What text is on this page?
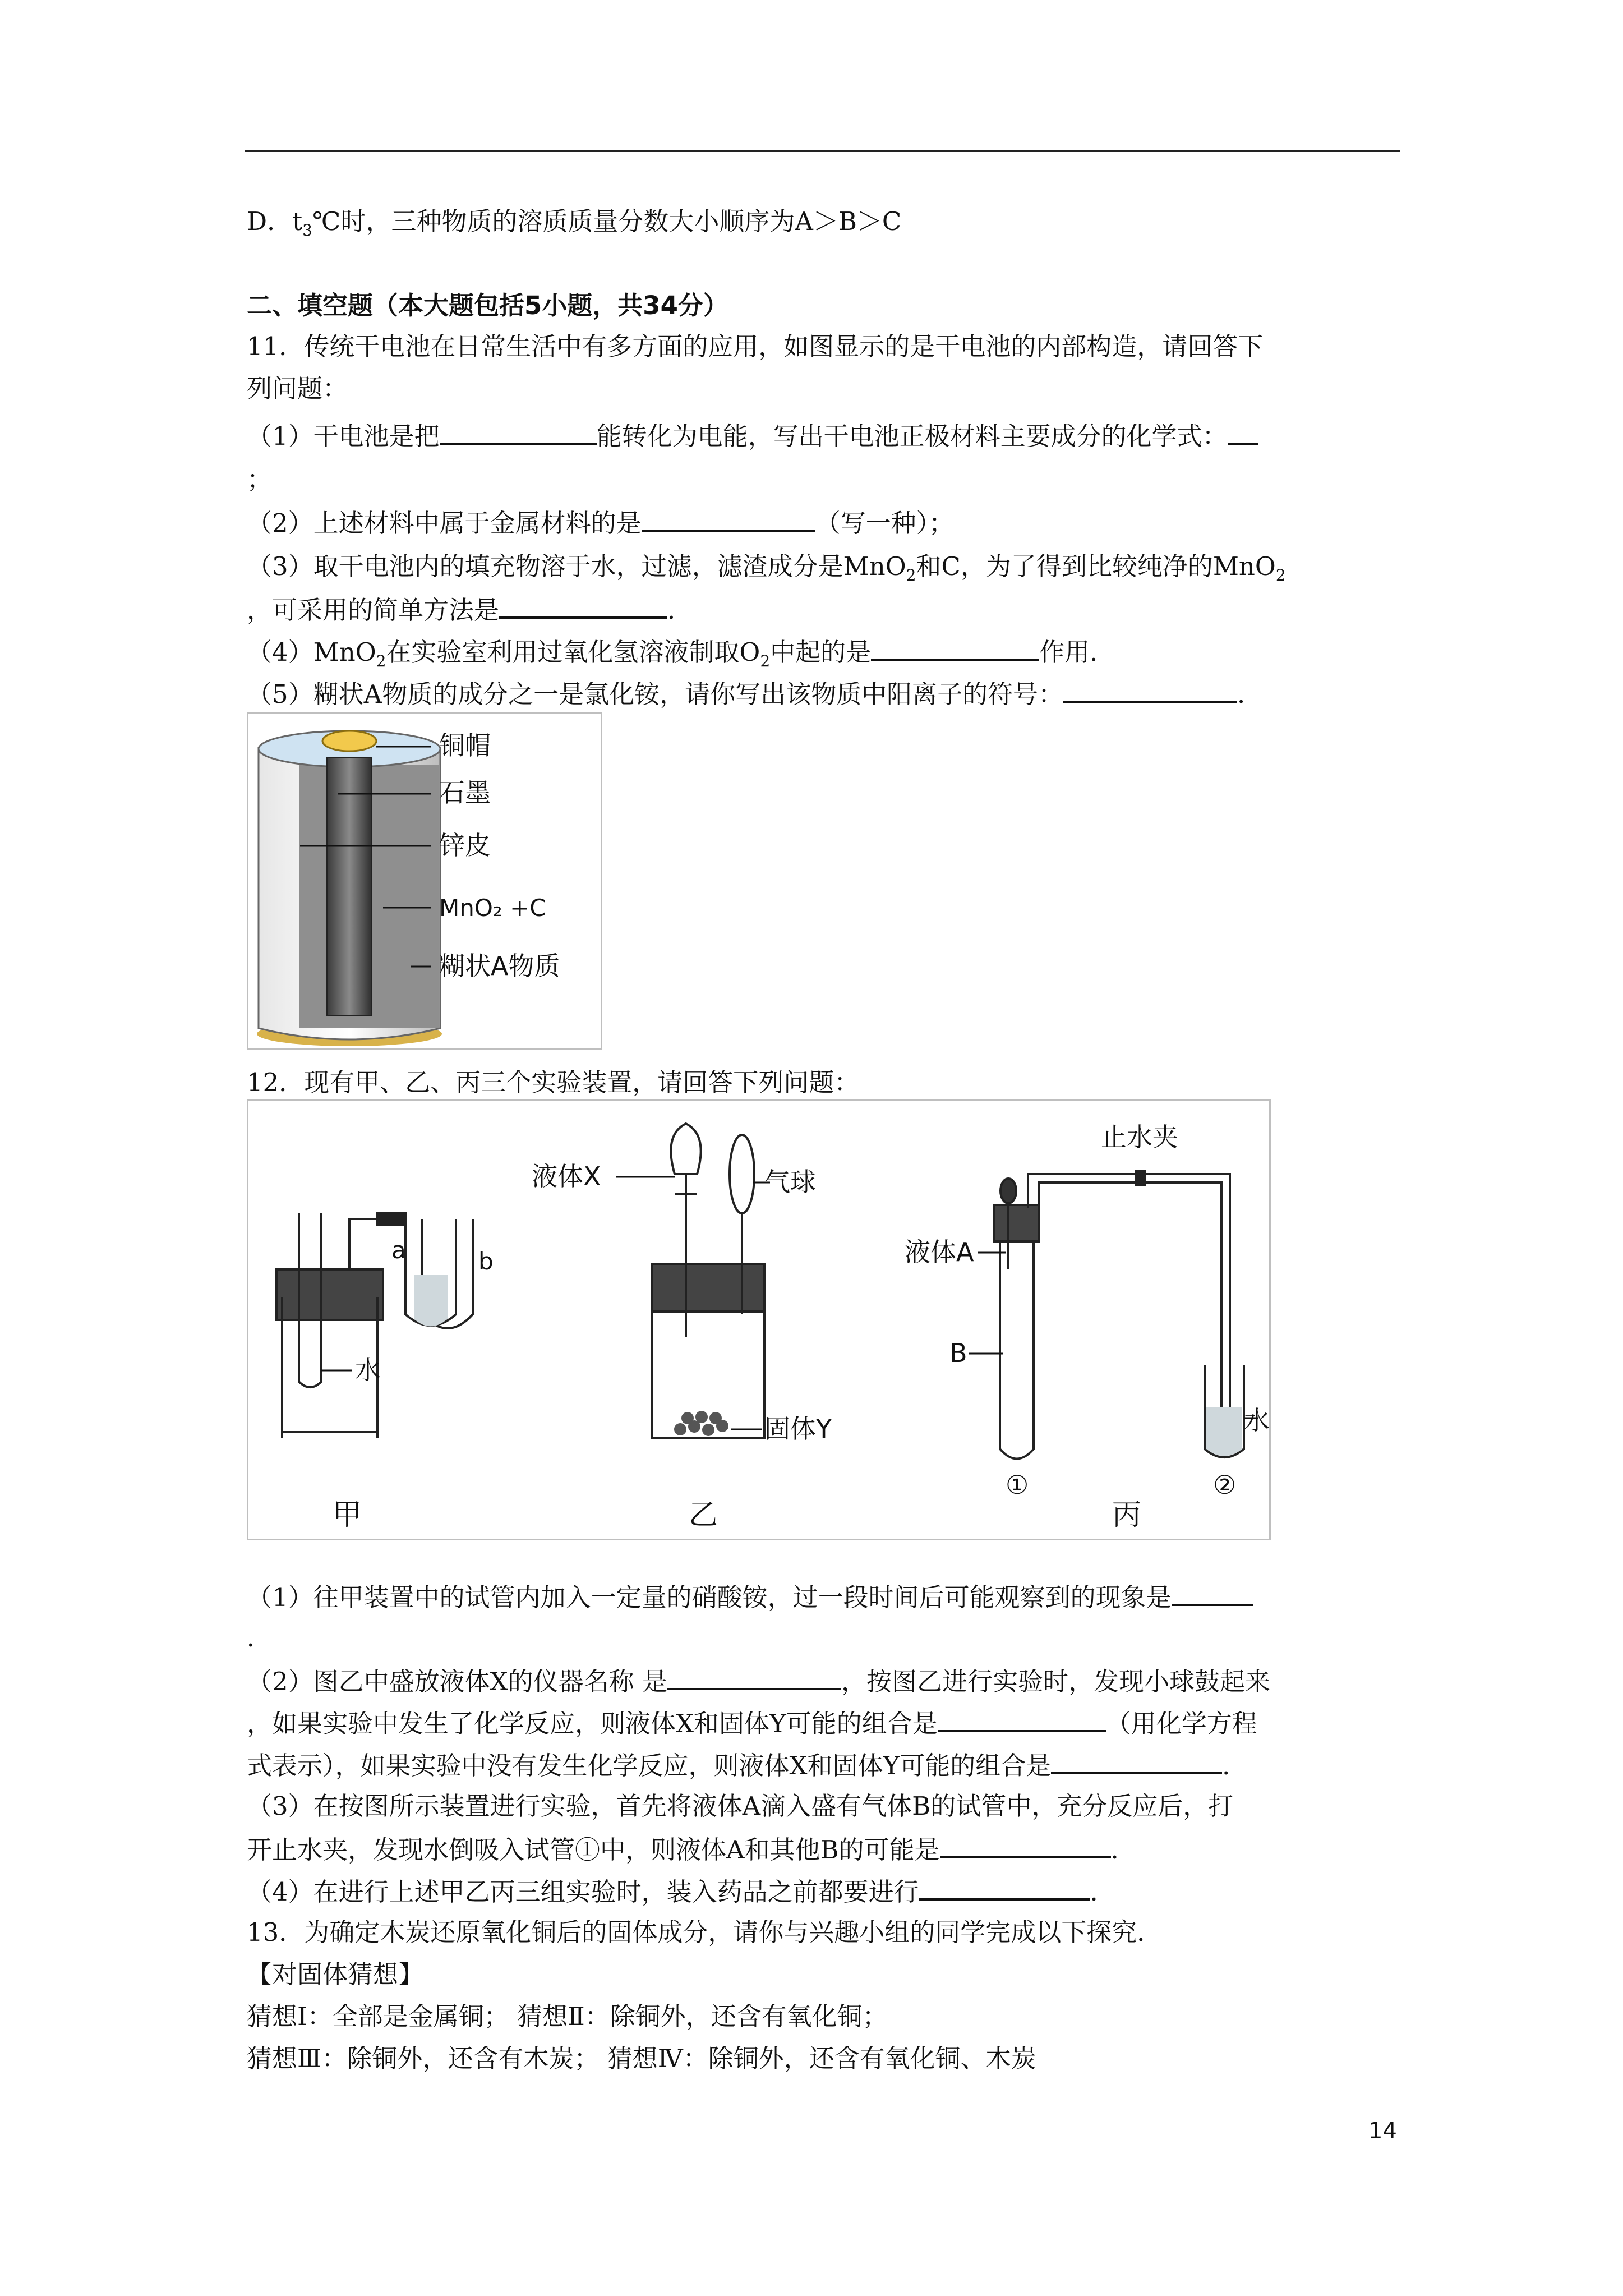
D．$t_3℃$时，三种物质的溶质质量分数大小顺序为A＞B＞C
二、填空题（本大题包括5小题，共34分）
11．传统干电池在日常生活中有多方面的应用，如图显示的是干电池的内部构造，请回答下
列问题：
（1）干电池是把	能转化为电能，写出干电池正极材料主要成分的化学式：
；
（2）上述材料中属于金属材料的是	（写一种）；
（3）取干电池内的填充物溶于水，过滤，滤渣成分是MnO$_2$和C，为了得到比较纯净的MnO$_2$
，可采用的简单方法是	．
（4）MnO$_2$在实验室利用过氧化氢溶液制取$O_2$中起的是	作用．
（5）糊状A物质的成分之一是氯化铵，请你写出该物质中阳离子的符号：	．
铜帽
石墨
锌皮
MnO₂ +C
糊状A物质
12．现有甲、乙、丙三个实验装置，请回答下列问题：
a	b
水
甲
液体X	气球
固体Y
乙
止水夹
液体A
B
水
①	②
丙
（1）往甲装置中的试管内加入一定量的硝酸铵，过一段时间后可能观察到的现象是
．
（2）图乙中盛放液体X的仪器名称 是	，按图乙进行实验时，发现小球鼓起来
，如果实验中发生了化学反应，则液体X和固体Y可能的组合是	（用化学方程
式表示），如果实验中没有发生化学反应，则液体X和固体Y可能的组合是	．
（3）在按图所示装置进行实验，首先将液体A滴入盛有气体B的试管中，充分反应后，打
开止水夹，发现水倒吸入试管①中，则液体A和其他B的可能是	．
（4）在进行上述甲乙丙三组实验时，装入药品之前都要进行	．
13．为确定木炭还原氧化铜后的固体成分，请你与兴趣小组的同学完成以下探究．
【对固体猜想】
猜想Ⅰ：全部是金属铜； 猜想Ⅱ：除铜外，还含有氧化铜；
猜想Ⅲ：除铜外，还含有木炭； 猜想Ⅳ：除铜外，还含有氧化铜、木炭
14
